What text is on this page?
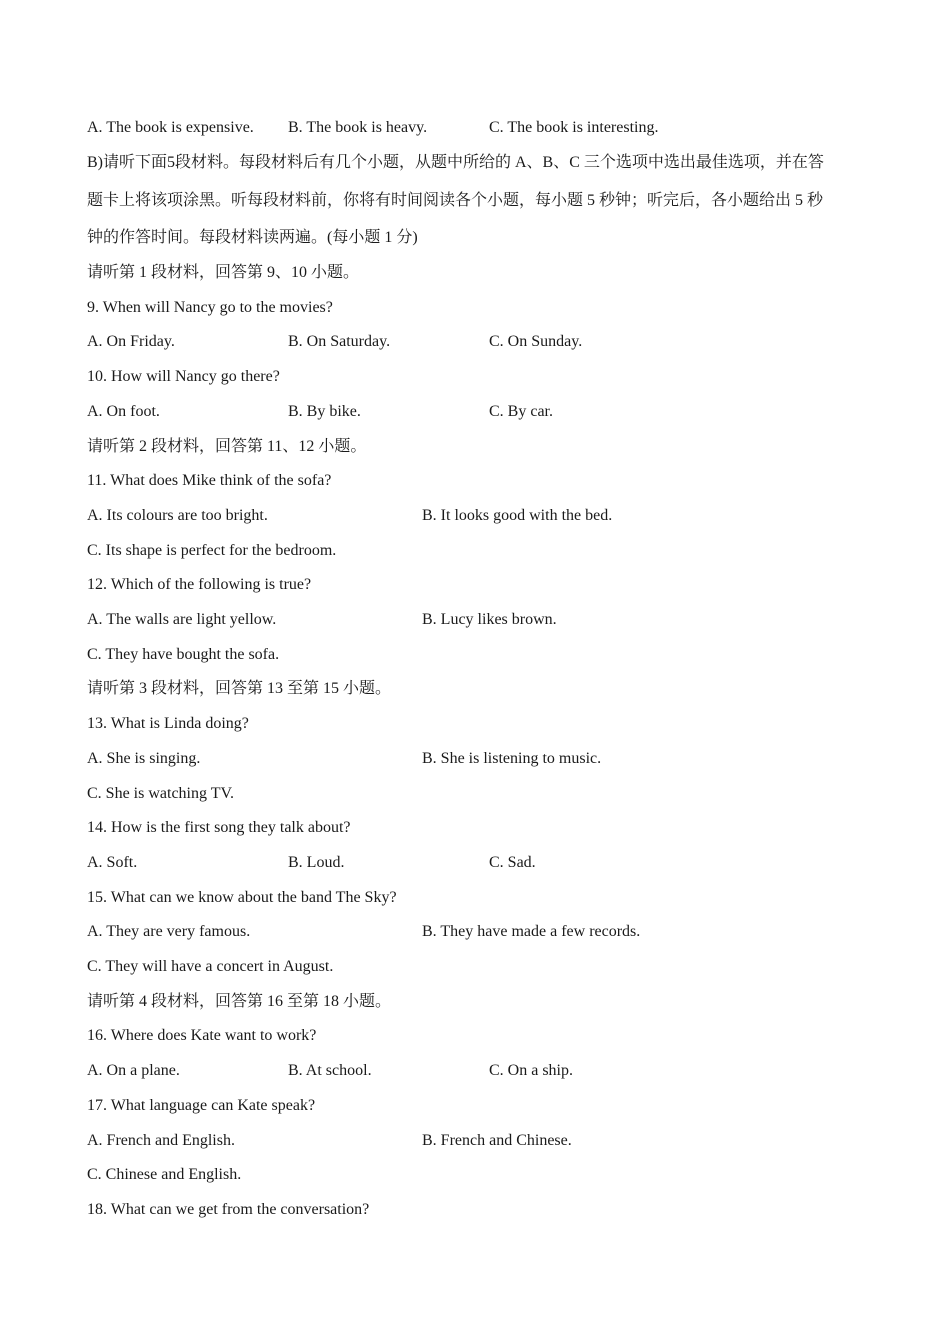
A. The book is expensive. B. The book is heavy.	C. The book is interesting.
B)请听下面5段材料。每段材料后有几个小题，从题中所给的 A、B、C 三个选项中选出最佳选项，并在答
题卡上将该项涂黑。听每段材料前，你将有时间阅读各个小题，每小题 5 秒钟；听完后，各小题给出 5 秒
钟的作答时间。每段材料读两遍。(每小题 1 分)
请听第 1 段材料，回答第 9、10 小题。
9. When will Nancy go to the movies?
A. On Friday.	B. On Saturday.	C. On Sunday.
10. How will Nancy go there?
A. On foot.	B. By bike.	C. By car.
请听第 2 段材料，回答第 11、12 小题。
11. What does Mike think of the sofa?
A. Its colours are too bright.	B. It looks good with the bed.
C. Its shape is perfect for the bedroom.
12. Which of the following is true?
A. The walls are light yellow.	B. Lucy likes brown.
C. They have bought the sofa.
请听第 3 段材料，回答第 13 至第 15 小题。
13. What is Linda doing?
A. She is singing.	B. She is listening to music.
C. She is watching TV.
14. How is the first song they talk about?
A. Soft.	B. Loud.	C. Sad.
15. What can we know about the band The Sky?
A. They are very famous.	B. They have made a few records.
C. They will have a concert in August.
请听第 4 段材料，回答第 16 至第 18 小题。
16. Where does Kate want to work?
A. On a plane.	B. At school.	C. On a ship.
17. What language can Kate speak?
A. French and English.	B. French and Chinese.
C. Chinese and English.
18. What can we get from the conversation?
